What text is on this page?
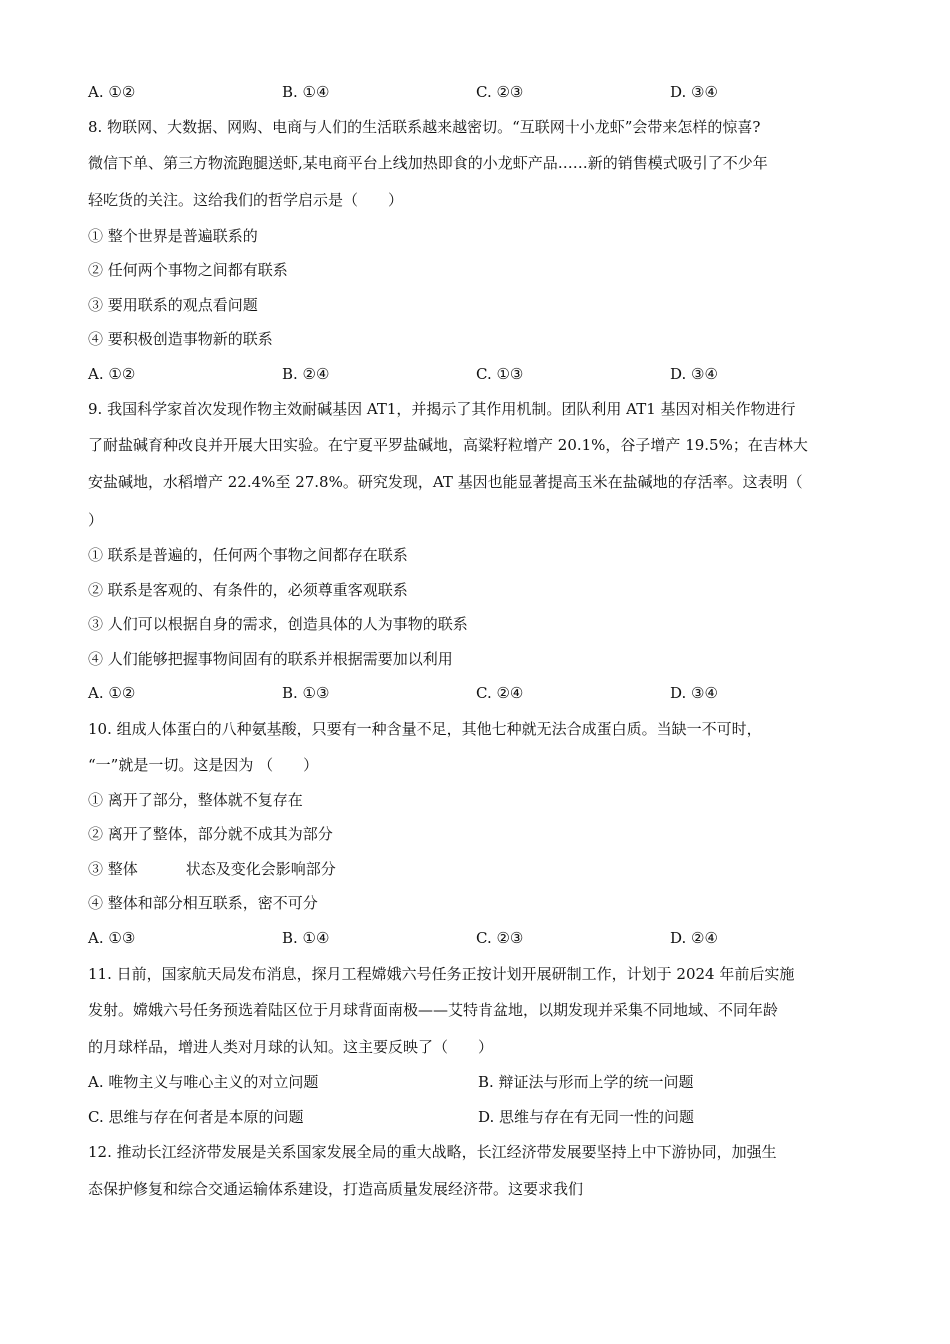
A. ①②	B. ①④	C. ②③	D. ③④
8. 物联网、大数据、网购、电商与人们的生活联系越来越密切。“互联网十小龙虾”会带来怎样的惊喜?
微信下单、第三方物流跑腿送虾,某电商平台上线加热即食的小龙虾产品……新的销售模式吸引了不少年
轻吃货的关注。这给我们的哲学启示是（　　）
① 整个世界是普遍联系的
② 任何两个事物之间都有联系
③ 要用联系的观点看问题
④ 要积极创造事物新的联系
A. ①②	B. ②④	C. ①③	D. ③④
9. 我国科学家首次发现作物主效耐碱基因 AT1，并揭示了其作用机制。团队利用 AT1 基因对相关作物进行
了耐盐碱育种改良并开展大田实验。在宁夏平罗盐碱地，高粱籽粒增产 20.1%，谷子增产 19.5%；在吉林大
安盐碱地，水稻增产 22.4%至 27.8%。研究发现，AT 基因也能显著提高玉米在盐碱地的存活率。这表明（
）
① 联系是普遍的，任何两个事物之间都存在联系
② 联系是客观的、有条件的，必须尊重客观联系
③ 人们可以根据自身的需求，创造具体的人为事物的联系
④ 人们能够把握事物间固有的联系并根据需要加以利用
A. ①②	B. ①③	C. ②④	D. ③④
10. 组成人体蛋白的八种氨基酸，只要有一种含量不足，其他七种就无法合成蛋白质。当缺一不可时，
“一”就是一切。这是因为 （　　）
① 离开了部分，整体就不复存在
② 离开了整体，部分就不成其为部分
③ 整体	状态及变化会影响部分
④ 整体和部分相互联系，密不可分
A. ①③	B. ①④	C. ②③	D. ②④
11. 日前，国家航天局发布消息，探月工程嫦娥六号任务正按计划开展研制工作，计划于 2024 年前后实施
发射。嫦娥六号任务预选着陆区位于月球背面南极——艾特肯盆地，以期发现并采集不同地域、不同年龄
的月球样品，增进人类对月球的认知。这主要反映了（　　）
A. 唯物主义与唯心主义的对立问题	B. 辩证法与形而上学的统一问题
C. 思维与存在何者是本原的问题	D. 思维与存在有无同一性的问题
12. 推动长江经济带发展是关系国家发展全局的重大战略，长江经济带发展要坚持上中下游协同，加强生
态保护修复和综合交通运输体系建设，打造高质量发展经济带。这要求我们
